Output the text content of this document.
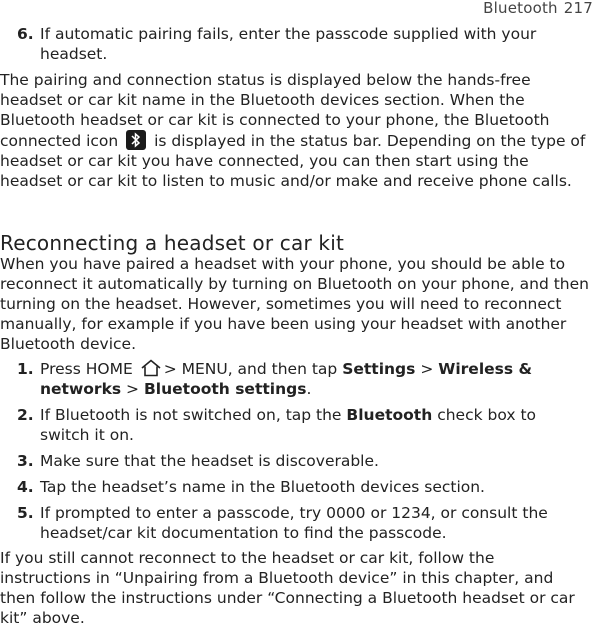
Bluetooth 217
6. If automatic pairing fails, enter the passcode supplied with your headset.
The pairing and connection status is displayed below the hands-free headset or car kit name in the Bluetooth devices section. When the Bluetooth headset or car kit is connected to your phone, the Bluetooth connected icon is displayed in the status bar. Depending on the type of headset or car kit you have connected, you can then start using the headset or car kit to listen to music and/or make and receive phone calls.
Reconnecting a headset or car kit
When you have paired a headset with your phone, you should be able to reconnect it automatically by turning on Bluetooth on your phone, and then turning on the headset. However, sometimes you will need to reconnect manually, for example if you have been using your headset with another Bluetooth device.
1. Press HOME > MENU, and then tap Settings > Wireless & networks > Bluetooth settings.
2. If Bluetooth is not switched on, tap the Bluetooth check box to switch it on.
3. Make sure that the headset is discoverable.
4. Tap the headset’s name in the Bluetooth devices section.
5. If prompted to enter a passcode, try 0000 or 1234, or consult the headset/car kit documentation to find the passcode.
If you still cannot reconnect to the headset or car kit, follow the instructions in “Unpairing from a Bluetooth device” in this chapter, and then follow the instructions under “Connecting a Bluetooth headset or car kit” above.
